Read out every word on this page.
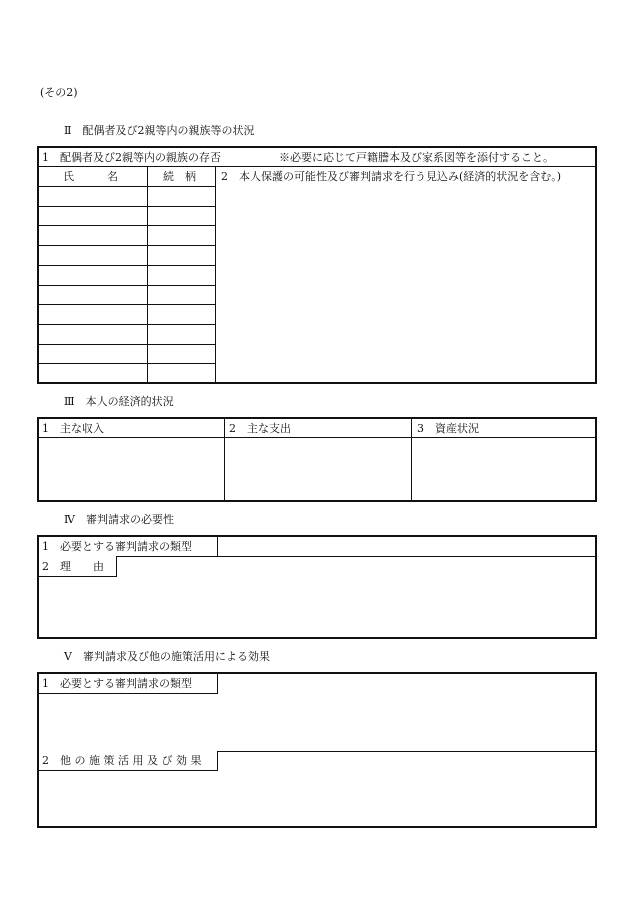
(その2)
Ⅱ　配偶者及び2親等内の親族等の状況
1　配偶者及び2親等内の親族の存否	※必要に応じて戸籍謄本及び家系図等を添付すること。
氏　　　名	続　柄 2　本人保護の可能性及び審判請求を行う見込み(経済的状況を含む。)
Ⅲ　本人の経済的状況
1　主な収入	2　主な支出	3　資産状況
Ⅳ　審判請求の必要性
1　必要とする審判請求の類型
2　理　　由
Ⅴ　審判請求及び他の施策活用による効果
1　必要とする審判請求の類型
2　他 の 施 策 活 用 及 び 効 果
